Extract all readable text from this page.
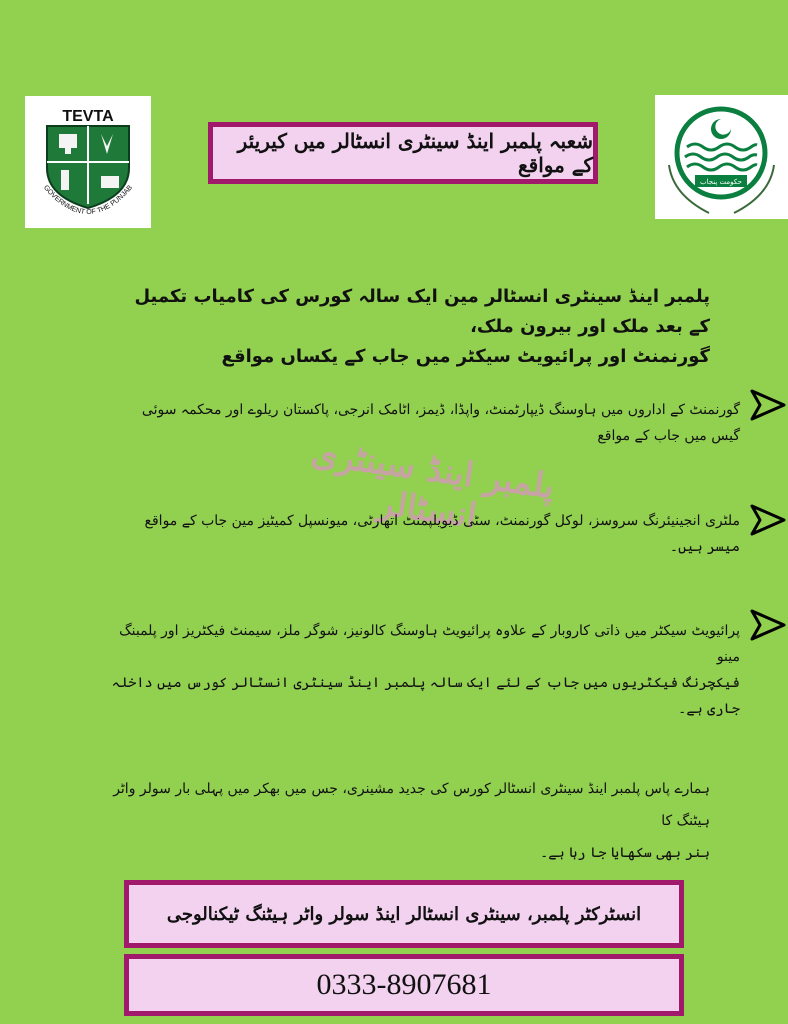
TEVTA
GOVERNMENT OF THE PUNJAB
حکومت پنجاب
شعبہ پلمبر اینڈ سینٹری انسٹالر میں کیریئر کے مواقع
پلمبر اینڈ سینٹری انسٹالر مین ایک سالہ کورس کی کامیاب تکمیل کے بعد ملک اور بیرون ملک،
گورنمنٹ اور پرائیویٹ سیکٹر میں جاب کے یکساں مواقع
گورنمنٹ کے اداروں میں ہاوسنگ ڈیپارٹمنٹ، واپڈا، ڈیمز، اٹامک انرجی، پاکستان ریلوے اور محکمہ سوئی
گیس میں جاب کے مواقع
پلمبر اینڈ سینٹری انسٹالر
ملٹری انجینیئرنگ سروسز، لوکل گورنمنٹ، سٹی ڈیویلپمنٹ اتھارٹی، میونسپل کمیٹیز مین جاب کے مواقع
میسر ہیں۔
پرائیویٹ سیکٹر میں ذاتی کاروبار کے علاوہ پرائیویٹ ہاوسنگ کالونیز، شوگر ملز، سیمنٹ فیکٹریز اور پلمبنگ مینو
فیکچرنگ فیکٹریوں میں جاب کے لئے ایک سالہ پلمبر اینڈ سینٹری انسٹالر کورس میں داخلہ جاری ہے۔
ہمارے پاس پلمبر اینڈ سینٹری انسٹالر کورس کی جدید مشینری، جس میں بھکر میں پہلی بار سولر واٹر ہیٹنگ کا
ہنر بھی سکھایا جا رہا ہے۔
انسٹرکٹر پلمبر، سینٹری انسٹالر اینڈ سولر واٹر ہیٹنگ ٹیکنالوجی
0333-8907681
